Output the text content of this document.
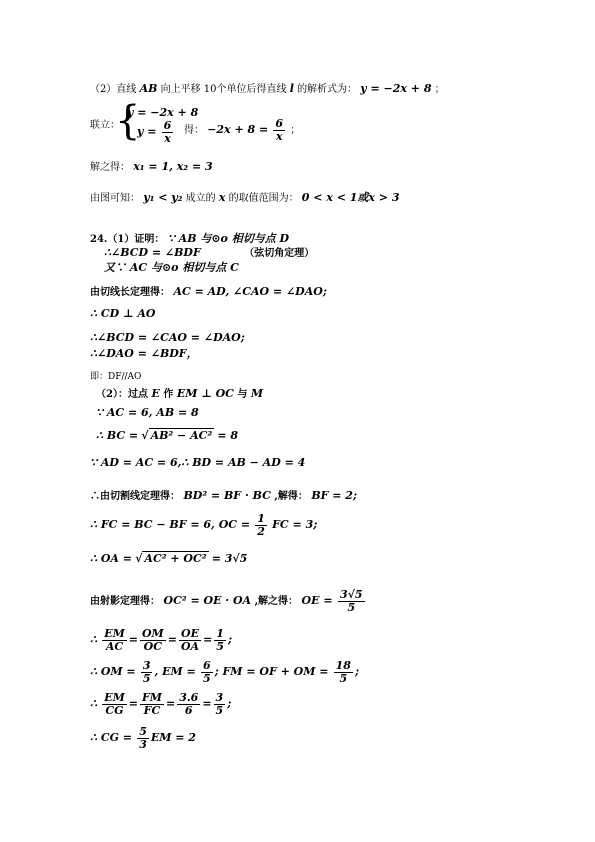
（2）直线 AB 向上平移 10个单位后得直线 l 的解析式为： y = −2x + 8 ；
联立：
{
y = −2x + 8
$y = \frac{6}{x}$ 得： $-2x + 8 = \frac{6}{x}$ ；
解之得： x₁ = 1, x₂ = 3
由图可知： y₁ < y₂ 成立的 x 的取值范围为： 0 < x < 1或x > 3
24.（1）证明： ∵ AB 与⊙o 相切与点 D
∴∠BCD = ∠BDF	（弦切角定理）
又∵ AC 与⊙o 相切与点 C
由切线长定理得： AC = AD, ∠CAO = ∠DAO;
∴ CD ⊥ AO
∴∠BCD = ∠CAO = ∠DAO;
∴∠DAO = ∠BDF，
即：DF//AO
（2）：过点 E 作 EM ⊥ OC 与 M
∵ AC = 6, AB = 8
∴ BC = √ AB² − AC² = 8
∵ AD = AC = 6,∴ BD = AB − AD = 4
∴由切割线定理得： BD² = BF · BC ,解得： BF = 2;
∴ FC = BC − BF = 6, OC = $\frac{1}{2}$ FC = 3;
∴ OA = √ AC² + OC² = 3√5
由射影定理得： OC² = OE · OA ,解之得： OE = $\frac{3√5}{5}$
∴ $\frac{EM}{AC} = \frac{OM}{OC} = \frac{OE}{OA} = \frac{1}{5}$ ;
∴ OM = $\frac{3}{5}$ , EM = $\frac{6}{5}$ ; FM = OF + OM = $\frac{18}{5}$ ;
∴ $\frac{EM}{CG} = \frac{FM}{FC} = \frac{3.6}{6} = \frac{3}{5}$ ;
∴ CG = $\frac{5}{3}$ EM = 2
